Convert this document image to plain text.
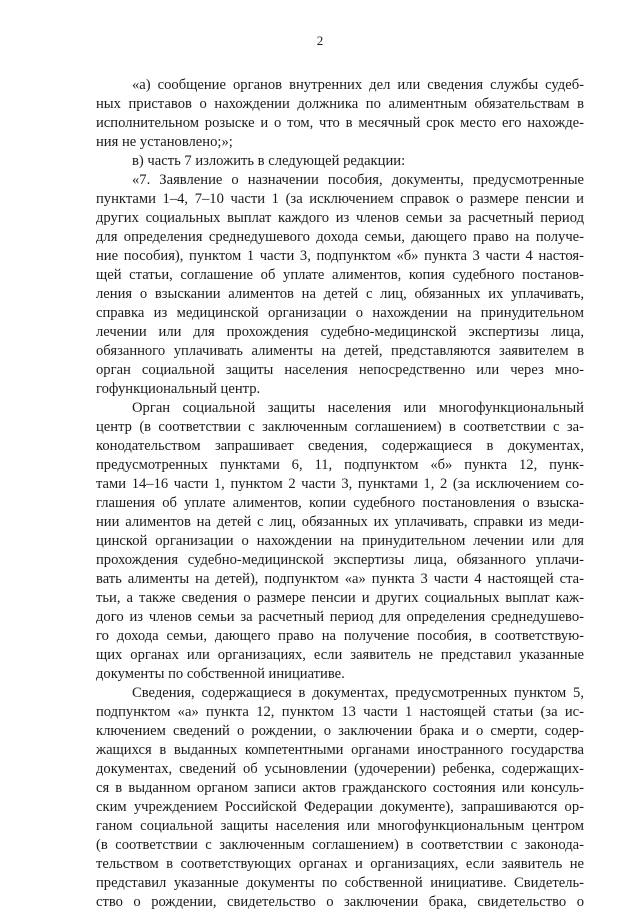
2
«а) сообщение органов внутренних дел или сведения службы судеб-
ных приставов о нахождении должника по алиментным обязательствам в
исполнительном розыске и о том, что в месячный срок место его нахожде-
ния не установлено;»;
в) часть 7 изложить в следующей редакции:
«7. Заявление о назначении пособия, документы, предусмотренные
пунктами 1–4, 7–10 части 1 (за исключением справок о размере пенсии и
других социальных выплат каждого из членов семьи за расчетный период
для определения среднедушевого дохода семьи, дающего право на получе-
ние пособия), пунктом 1 части 3, подпунктом «б» пункта 3 части 4 настоя-
щей статьи, соглашение об уплате алиментов, копия судебного постанов-
ления о взыскании алиментов на детей с лиц, обязанных их уплачивать,
справка из медицинской организации о нахождении на принудительном
лечении или для прохождения судебно-медицинской экспертизы лица,
обязанного уплачивать алименты на детей, представляются заявителем в
орган социальной защиты населения непосредственно или через мно-
гофункциональный центр.
Орган социальной защиты населения или многофункциональный
центр (в соответствии с заключенным соглашением) в соответствии с за-
конодательством запрашивает сведения, содержащиеся в документах,
предусмотренных пунктами 6, 11, подпунктом «б» пункта 12, пунк-
тами 14–16 части 1, пунктом 2 части 3, пунктами 1, 2 (за исключением со-
глашения об уплате алиментов, копии судебного постановления о взыска-
нии алиментов на детей с лиц, обязанных их уплачивать, справки из меди-
цинской организации о нахождении на принудительном лечении или для
прохождения судебно-медицинской экспертизы лица, обязанного уплачи-
вать алименты на детей), подпунктом «а» пункта 3 части 4 настоящей ста-
тьи, а также сведения о размере пенсии и других социальных выплат каж-
дого из членов семьи за расчетный период для определения среднедушево-
го дохода семьи, дающего право на получение пособия, в соответствую-
щих органах или организациях, если заявитель не представил указанные
документы по собственной инициативе.
Сведения, содержащиеся в документах, предусмотренных пунктом 5,
подпунктом «а» пункта 12, пунктом 13 части 1 настоящей статьи (за ис-
ключением сведений о рождении, о заключении брака и о смерти, содер-
жащихся в выданных компетентными органами иностранного государства
документах, сведений об усыновлении (удочерении) ребенка, содержащих-
ся в выданном органом записи актов гражданского состояния или консуль-
ским учреждением Российской Федерации документе), запрашиваются ор-
ганом социальной защиты населения или многофункциональным центром
(в соответствии с заключенным соглашением) в соответствии с законода-
тельством в соответствующих органах и организациях, если заявитель не
представил указанные документы по собственной инициативе. Свидетель-
ство о рождении, свидетельство о заключении брака, свидетельство о
